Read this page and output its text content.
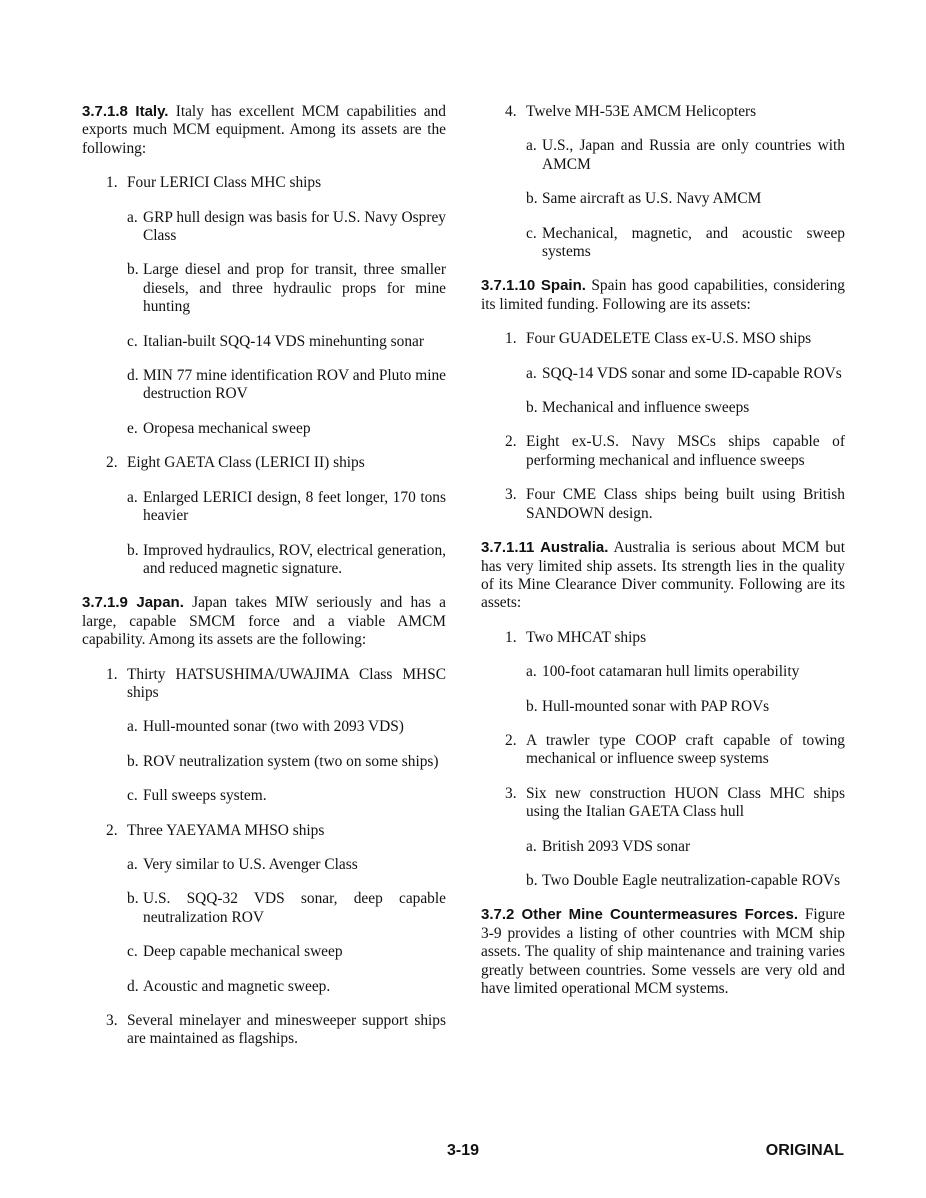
3.7.1.8 Italy. Italy has excellent MCM capabilities and exports much MCM equipment. Among its assets are the following:

1. Four LERICI Class MHC ships
a. GRP hull design was basis for U.S. Navy Osprey Class
b. Large diesel and prop for transit, three smaller diesels, and three hydraulic props for mine hunting
c. Italian-built SQQ-14 VDS minehunting sonar
d. MIN 77 mine identification ROV and Pluto mine destruction ROV
e. Oropesa mechanical sweep
2. Eight GAETA Class (LERICI II) ships
a. Enlarged LERICI design, 8 feet longer, 170 tons heavier
b. Improved hydraulics, ROV, electrical generation, and reduced magnetic signature.

3.7.1.9 Japan. Japan takes MIW seriously and has a large, capable SMCM force and a viable AMCM capability. Among its assets are the following:

1. Thirty HATSUSHIMA/UWAJIMA Class MHSC ships
a. Hull-mounted sonar (two with 2093 VDS)
b. ROV neutralization system (two on some ships)
c. Full sweeps system.
2. Three YAEYAMA MHSO ships
a. Very similar to U.S. Avenger Class
b. U.S. SQQ-32 VDS sonar, deep capable neutralization ROV
c. Deep capable mechanical sweep
d. Acoustic and magnetic sweep.
3. Several minelayer and minesweeper support ships are maintained as flagships.
4. Twelve MH-53E AMCM Helicopters
a. U.S., Japan and Russia are only countries with AMCM
b. Same aircraft as U.S. Navy AMCM
c. Mechanical, magnetic, and acoustic sweep systems

3.7.1.10 Spain. Spain has good capabilities, considering its limited funding. Following are its assets:

1. Four GUADELETE Class ex-U.S. MSO ships
a. SQQ-14 VDS sonar and some ID-capable ROVs
b. Mechanical and influence sweeps
2. Eight ex-U.S. Navy MSCs ships capable of performing mechanical and influence sweeps
3. Four CME Class ships being built using British SANDOWN design.

3.7.1.11 Australia. Australia is serious about MCM but has very limited ship assets. Its strength lies in the quality of its Mine Clearance Diver community. Following are its assets:

1. Two MHCAT ships
a. 100-foot catamaran hull limits operability
b. Hull-mounted sonar with PAP ROVs
2. A trawler type COOP craft capable of towing mechanical or influence sweep systems
3. Six new construction HUON Class MHC ships using the Italian GAETA Class hull
a. British 2093 VDS sonar
b. Two Double Eagle neutralization-capable ROVs

3.7.2 Other Mine Countermeasures Forces. Figure 3-9 provides a listing of other countries with MCM ship assets. The quality of ship maintenance and training varies greatly between countries. Some vessels are very old and have limited operational MCM systems.

3-19	ORIGINAL
